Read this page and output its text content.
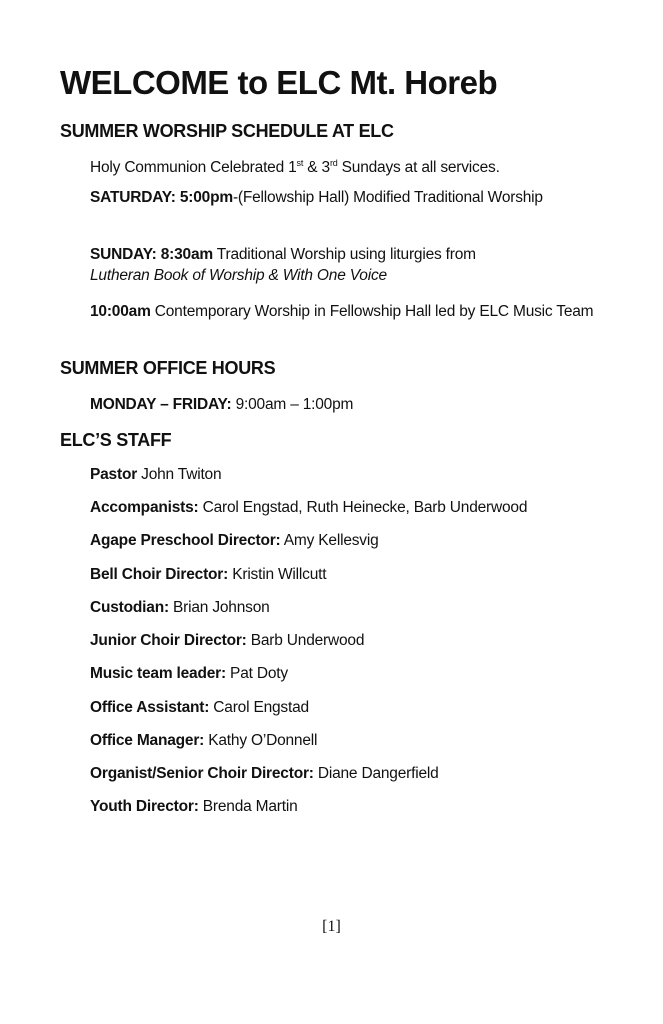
WELCOME to ELC Mt. Horeb
SUMMER WORSHIP SCHEDULE AT ELC

Holy Communion Celebrated 1st & 3rd Sundays at all services.

SATURDAY: 5:00pm-(Fellowship Hall) Modified Traditional Worship

SUNDAY: 8:30am Traditional Worship using liturgies from
Lutheran Book of Worship & With One Voice

10:00am Contemporary Worship in Fellowship Hall led by ELC Music Team

SUMMER OFFICE HOURS

MONDAY – FRIDAY: 9:00am – 1:00pm

ELC’S STAFF

Pastor John Twiton

Accompanists: Carol Engstad, Ruth Heinecke, Barb Underwood

Agape Preschool Director: Amy Kellesvig

Bell Choir Director: Kristin Willcutt

Custodian: Brian Johnson

Junior Choir Director: Barb Underwood

Music team leader: Pat Doty

Office Assistant: Carol Engstad

Office Manager: Kathy O’Donnell

Organist/Senior Choir Director: Diane Dangerfield

Youth Director: Brenda Martin

[1]
